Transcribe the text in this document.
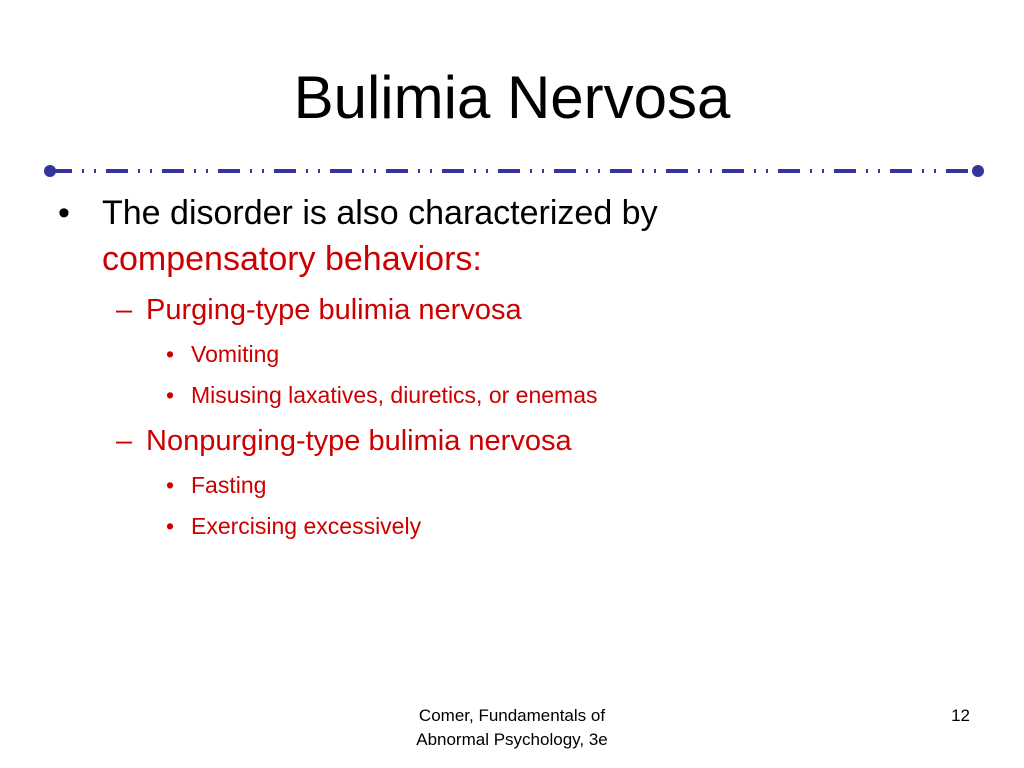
Bulimia Nervosa
• The disorder is also characterized by
compensatory behaviors:
– Purging-type bulimia nervosa
• Vomiting
• Misusing laxatives, diuretics, or enemas
– Nonpurging-type bulimia nervosa
• Fasting
• Exercising excessively
Comer, Fundamentals of
Abnormal Psychology, 3e
12
